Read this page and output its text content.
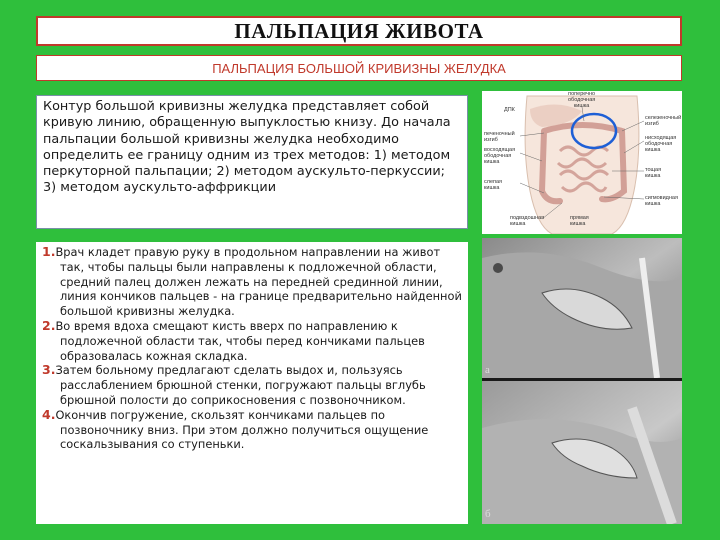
ПАЛЬПАЦИЯ ЖИВОТА
ПАЛЬПАЦИЯ БОЛЬШОЙ КРИВИЗНЫ ЖЕЛУДКА

Контур большой кривизны желудка представляет собой кривую линию, обращенную выпуклостью книзу. До начала пальпации большой кривизны желудка необходимо определить ее границу одним из трех методов: 1) методом перкуторной пальпации; 2) методом аускульто-перкуссии; 3) методом аускульто-аффрикции

1.Врач кладет правую руку в продольном направлении на живот так, чтобы пальцы были направлены к подложечной области, средний палец должен лежать на передней срединной линии, линия кончиков пальцев - на границе предварительно найденной большой кривизны желудка.
2.Во время вдоха смещают кисть вверх по направлению к подложечной области так, чтобы перед кончиками пальцев образовалась кожная складка.
3.Затем больному предлагают сделать выдох и, пользуясь расслаблением брюшной стенки, погружают пальцы вглубь брюшной полости до соприкосновения с позвоночником.
4.Окончив погружение, скользят кончиками пальцев по позвоночнику вниз. При этом должно получиться ощущение соскальзывания со ступеньки.
поперечно
ободочная
кишка
ДПК
печеночный
изгиб
восходящая
ободочная
кишка
слепая
кишка
подвздошная
кишка
прямая
кишка
селезеночный
изгиб
нисходящая
ободочная
кишка
тощая
кишка
сигмовидная
кишка
а
б
